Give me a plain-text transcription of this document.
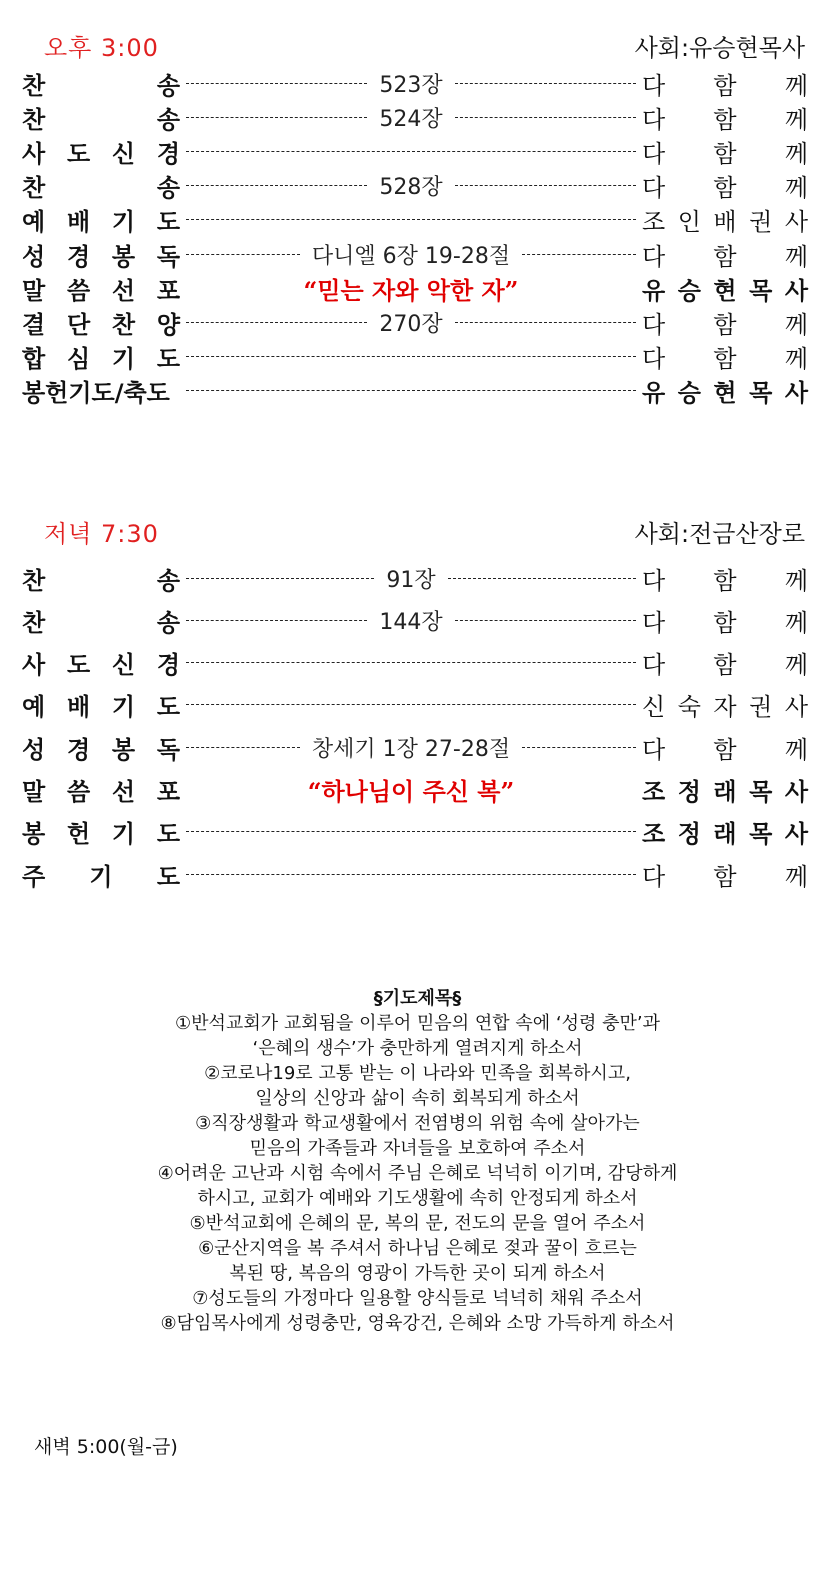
오후 3:00	사회:유승현목사
찬	송	523장	다 함 께
찬	송	524장	다 함 께
사 도 신 경	다 함 께
찬	송	528장	다 함 께
예 배 기 도	조 인 배 권 사
성 경 봉 독	다니엘 6장 19-28절	다 함 께
말 씀 선 포	“믿는 자와 악한 자”	유 승 현 목 사
결 단 찬 양	270장	다 함 께
합 심 기 도	다 함 께
봉헌기도/축도	유 승 현 목 사
저녁 7:30	사회:전금산장로
찬	송	91장	다 함 께
찬	송	144장	다 함 께
사 도 신 경	다 함 께
예 배 기 도	신 숙 자 권 사
성 경 봉 독	창세기 1장 27-28절	다 함 께
말 씀 선 포	“하나님이 주신 복”	조 정 래 목 사
봉 헌 기 도	조 정 래 목 사
주 기 도	다 함 께
§기도제목§
①반석교회가 교회됨을 이루어 믿음의 연합 속에 ‘성령 충만’과
‘은혜의 생수’가 충만하게 열려지게 하소서
②코로나19로 고통 받는 이 나라와 민족을 회복하시고,
일상의 신앙과 삶이 속히 회복되게 하소서
③직장생활과 학교생활에서 전염병의 위험 속에 살아가는
믿음의 가족들과 자녀들을 보호하여 주소서
④어려운 고난과 시험 속에서 주님 은혜로 넉넉히 이기며, 감당하게
하시고, 교회가 예배와 기도생활에 속히 안정되게 하소서
⑤반석교회에 은혜의 문, 복의 문, 전도의 문을 열어 주소서
⑥군산지역을 복 주셔서 하나님 은혜로 젖과 꿀이 흐르는
복된 땅, 복음의 영광이 가득한 곳이 되게 하소서
⑦성도들의 가정마다 일용할 양식들로 넉넉히 채워 주소서
⑧담임목사에게 성령충만, 영육강건, 은혜와 소망 가득하게 하소서
새벽 5:00(월-금)
